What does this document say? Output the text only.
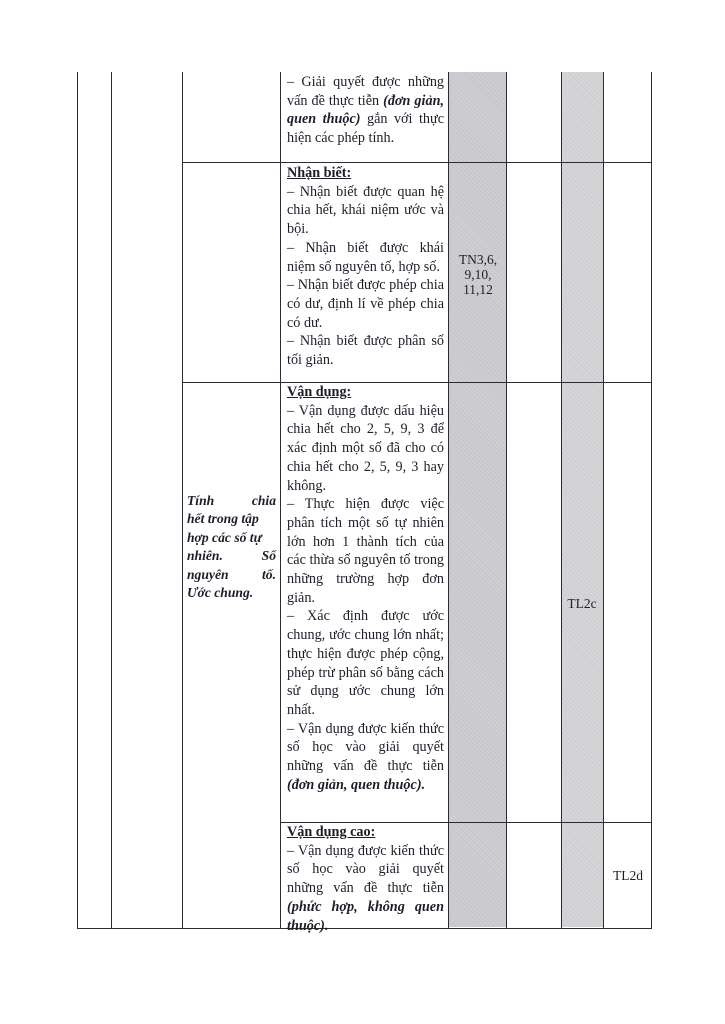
Tính chia
hết trong tập
hợp các số tự
nhiên. Số
nguyên tố.
Ước chung.

– Giải quyết được những vấn đề thực tiễn (đơn giản, quen thuộc) gắn với thực hiện các phép tính.

Nhận biết:

– Nhận biết được quan hệ chia hết, khái niệm ước và bội.

– Nhận biết được khái niệm số nguyên tố, hợp số.

– Nhận biết được phép chia có dư, định lí về phép chia có dư.

– Nhận biết được phân số tối giản.

Vận dụng:

– Vận dụng được dấu hiệu chia hết cho 2, 5, 9, 3 để xác định một số đã cho có chia hết cho 2, 5, 9, 3 hay không.

– Thực hiện được việc phân tích một số tự nhiên lớn hơn 1 thành tích của các thừa số nguyên tố trong những trường hợp đơn giản.

– Xác định được ước chung, ước chung lớn nhất; thực hiện được phép cộng, phép trừ phân số bằng cách sử dụng ước chung lớn nhất.

– Vận dụng được kiến thức số học vào giải quyết những vấn đề thực tiễn (đơn giản, quen thuộc).

Vận dụng cao:

– Vận dụng được kiến thức số học vào giải quyết những vấn đề thực tiễn (phức hợp, không quen thuộc).

TN3,6,
9,10,
11,12
TL2c
TL2d
